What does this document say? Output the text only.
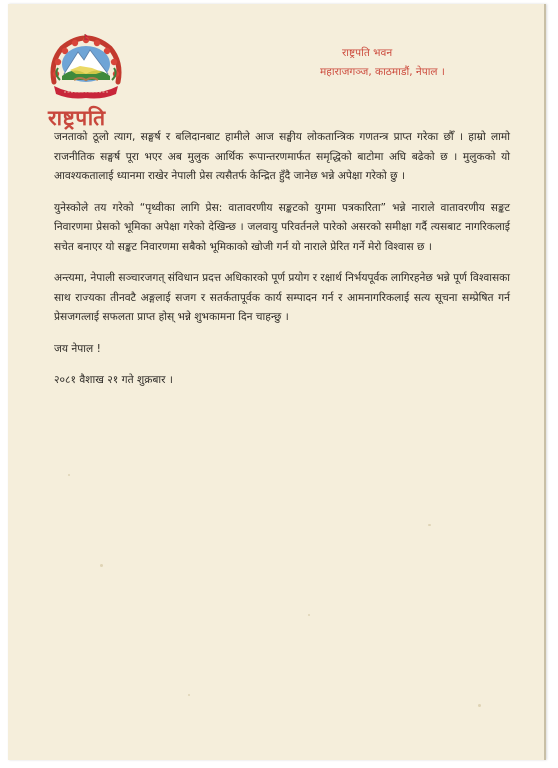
राष्ट्रपति
राष्ट्रपति भवन
महाराजगञ्ज, काठमाडौं, नेपाल ।

जनताको ठूलो त्याग, सङ्घर्ष र बलिदानबाट हामीले आज सङ्घीय लोकतान्त्रिक गणतन्त्र प्राप्त गरेका छौँ । हाम्रो लामो राजनीतिक सङ्घर्ष पूरा भएर अब मुलुक आर्थिक रूपान्तरणमार्फत समृद्धिको बाटोमा अघि बढेको छ । मुलुकको यो आवश्यकतालाई ध्यानमा राखेर नेपाली प्रेस त्यसैतर्फ केन्द्रित हुँदै जानेछ भन्ने अपेक्षा गरेको छु ।

युनेस्कोले तय गरेको “पृथ्वीका लागि प्रेस: वातावरणीय सङ्कटको युगमा पत्रकारिता” भन्ने नाराले वातावरणीय सङ्कट निवारणमा प्रेसको भूमिका अपेक्षा गरेको देखिन्छ । जलवायु परिवर्तनले पारेको असरको समीक्षा गर्दै त्यसबाट नागरिकलाई सचेत बनाएर यो सङ्कट निवारणमा सबैको भूमिकाको खोजी गर्न यो नाराले प्रेरित गर्ने मेरो विश्वास छ ।

अन्त्यमा, नेपाली सञ्चारजगत् संविधान प्रदत्त अधिकारको पूर्ण प्रयोग र रक्षार्थ निर्भयपूर्वक लागिरहनेछ भन्ने पूर्ण विश्वासका साथ राज्यका तीनवटै अङ्गलाई सजग र सतर्कतापूर्वक कार्य सम्पादन गर्न र आमनागरिकलाई सत्य सूचना सम्प्रेषित गर्न प्रेसजगत्लाई सफलता प्राप्त होस् भन्ने शुभकामना दिन चाहन्छु ।

जय नेपाल !

२०८१ वैशाख २१ गते शुक्रबार ।
